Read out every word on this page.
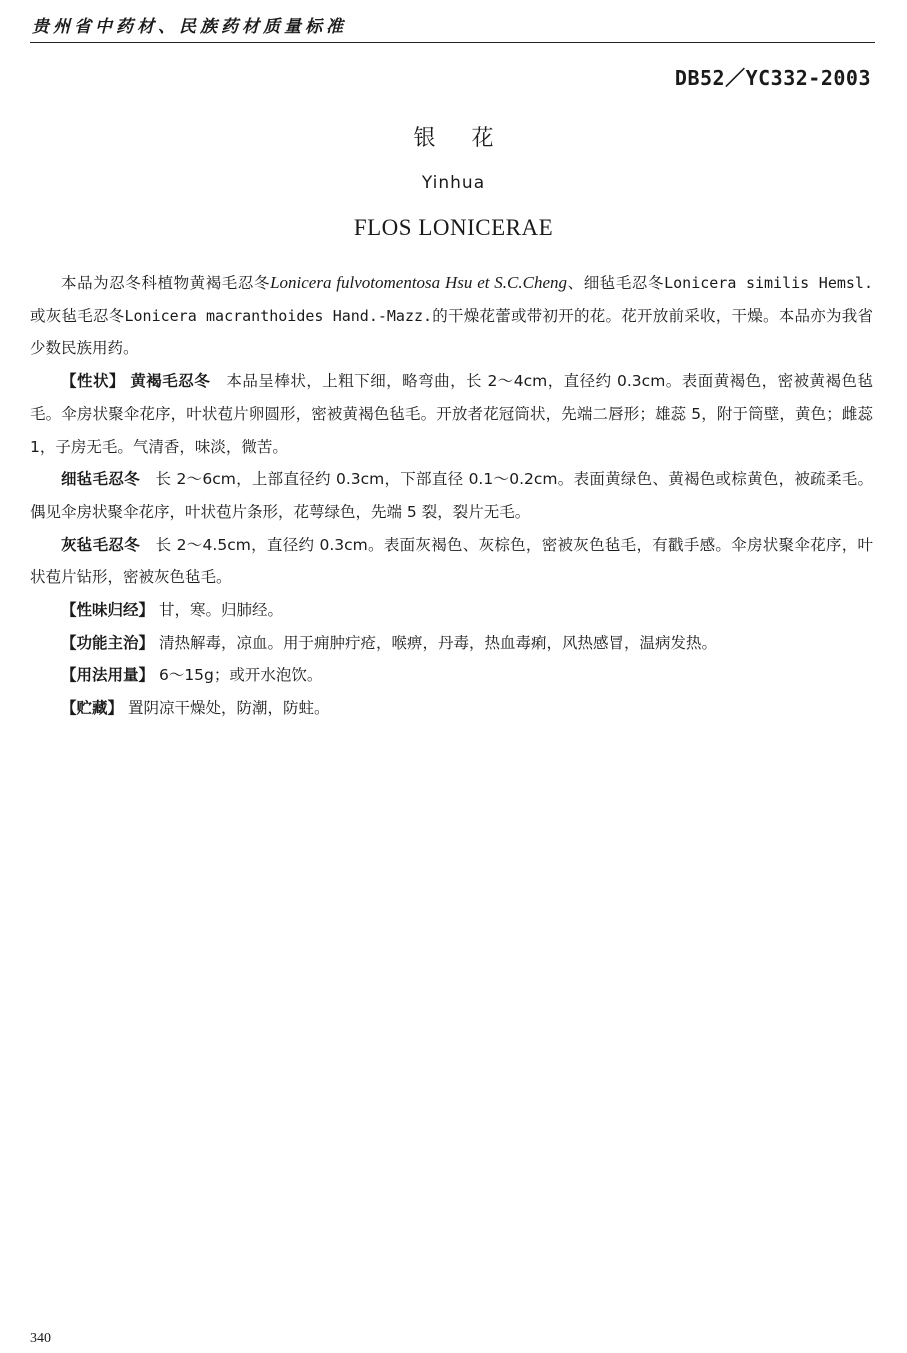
贵州省中药材、民族药材质量标准
DB52／YC332-2003
银花
Yinhua
FLOS LONICERAE

本品为忍冬科植物黄褐毛忍冬Lonicera fulvotomentosa Hsu et S.C.Cheng、细毡毛忍冬Lonicera similis Hemsl.或灰毡毛忍冬Lonicera macranthoides Hand.-Mazz.的干燥花蕾或带初开的花。花开放前采收，干燥。本品亦为我省少数民族用药。

【性状】 黄褐毛忍冬 本品呈棒状，上粗下细，略弯曲，长 2～4cm，直径约 0.3cm。表面黄褐色，密被黄褐色毡毛。伞房状聚伞花序，叶状苞片卵圆形，密被黄褐色毡毛。开放者花冠筒状，先端二唇形；雄蕊 5，附于筒壁，黄色；雌蕊 1，子房无毛。气清香，味淡，微苦。

细毡毛忍冬 长 2～6cm，上部直径约 0.3cm，下部直径 0.1～0.2cm。表面黄绿色、黄褐色或棕黄色，被疏柔毛。偶见伞房状聚伞花序，叶状苞片条形，花萼绿色，先端 5 裂，裂片无毛。

灰毡毛忍冬 长 2～4.5cm，直径约 0.3cm。表面灰褐色、灰棕色，密被灰色毡毛，有戳手感。伞房状聚伞花序，叶状苞片钻形，密被灰色毡毛。

【性味归经】 甘，寒。归肺经。

【功能主治】 清热解毒，凉血。用于痈肿疔疮，喉痹，丹毒，热血毒痢，风热感冒，温病发热。

【用法用量】 6～15g；或开水泡饮。

【贮藏】 置阴凉干燥处，防潮，防蛀。

340
